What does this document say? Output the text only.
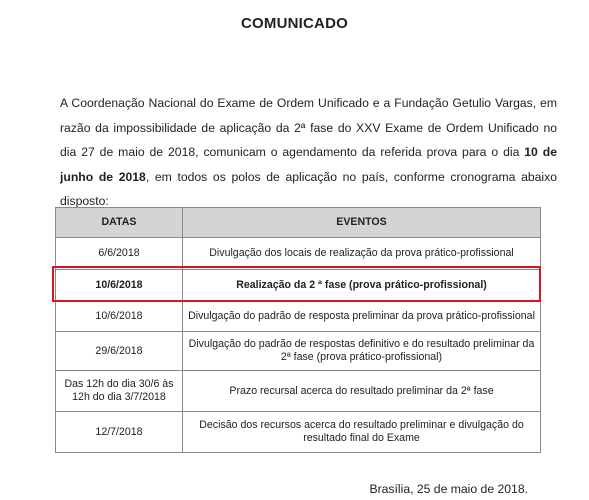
COMUNICADO
A Coordenação Nacional do Exame de Ordem Unificado e a Fundação Getulio Vargas, em razão da impossibilidade de aplicação da 2ª fase do XXV Exame de Ordem Unificado no dia 27 de maio de 2018, comunicam o agendamento da referida prova para o dia 10 de junho de 2018, em todos os polos de aplicação no país, conforme cronograma abaixo disposto:
DATAS	EVENTOS
6/6/2018	Divulgação dos locais de realização da prova prático-profissional
10/6/2018	Realização da 2 ª fase (prova prático-profissional)
10/6/2018	Divulgação do padrão de resposta preliminar da prova prático-profissional
29/6/2018	Divulgação do padrão de respostas definitivo e do resultado preliminar da 2ª fase (prova prático-profissional)
Das 12h do dia 30/6 às 12h do dia 3/7/2018	Prazo recursal acerca do resultado preliminar da 2ª fase
12/7/2018	Decisão dos recursos acerca do resultado preliminar e divulgação do resultado final do Exame
Brasília, 25 de maio de 2018.
